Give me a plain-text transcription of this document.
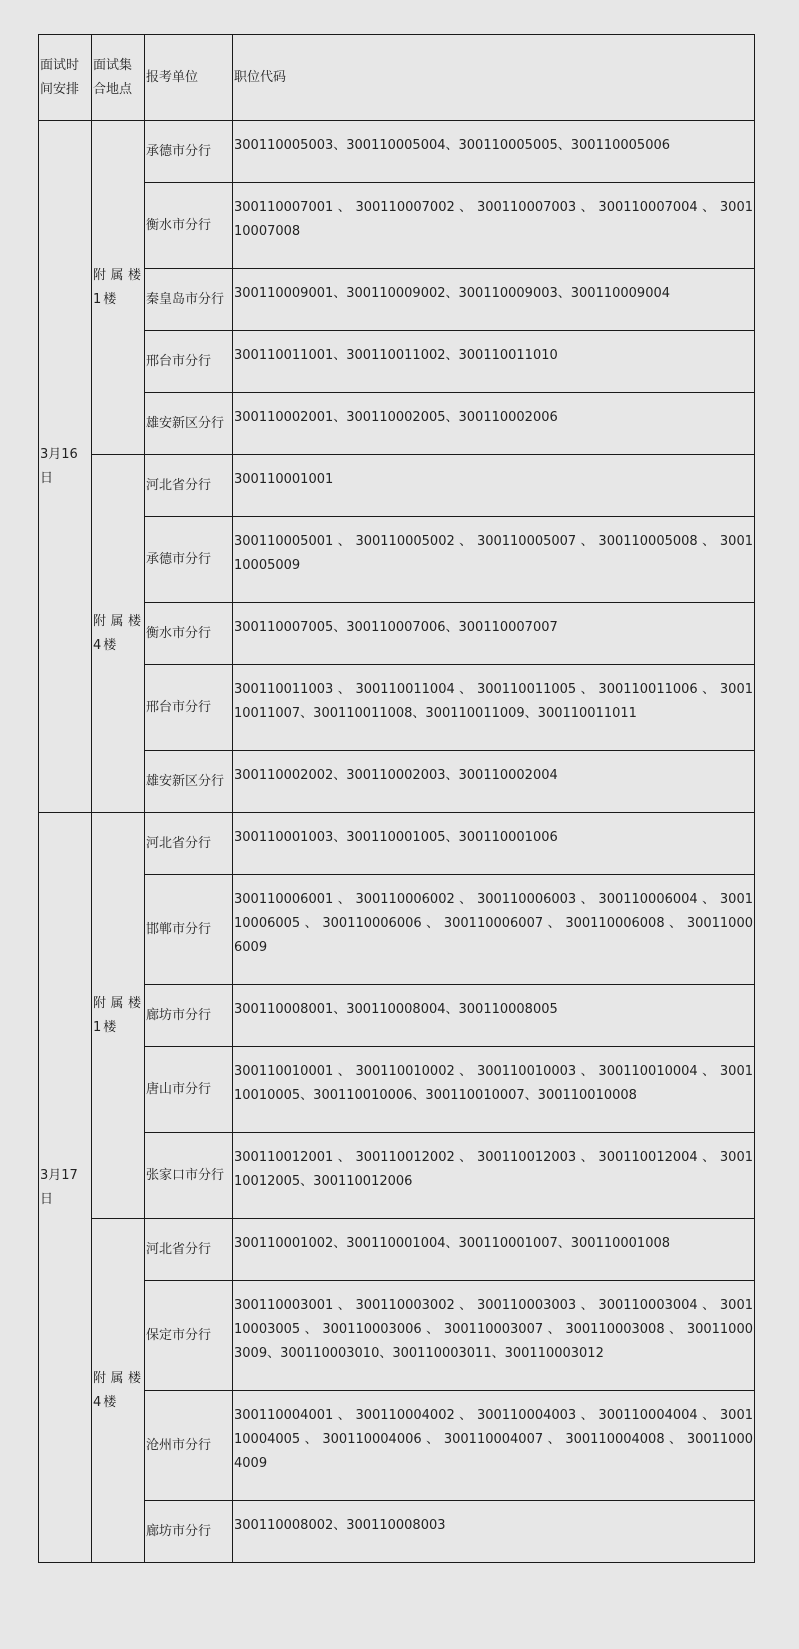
面试时间安排	面试集合地点	报考单位	职位代码
3月16日	附属楼1楼	承德市分行	300110005003、300110005004、300110005005、300110005006
		衡水市分行	300110007001 、 300110007002 、 300110007003 、 300110007004 、 300110007008
		秦皇岛市分行	300110009001、300110009002、300110009003、300110009004
		邢台市分行	300110011001、300110011002、300110011010
		雄安新区分行	300110002001、300110002005、300110002006
	附属楼4楼	河北省分行	300110001001
		承德市分行	300110005001 、 300110005002 、 300110005007 、 300110005008 、 300110005009
		衡水市分行	300110007005、300110007006、300110007007
		邢台市分行	300110011003 、 300110011004 、 300110011005 、 300110011006 、 300110011007、300110011008、300110011009、300110011011
		雄安新区分行	300110002002、300110002003、300110002004
3月17日	附属楼1楼	河北省分行	300110001003、300110001005、300110001006
		邯郸市分行	300110006001 、 300110006002 、 300110006003 、 300110006004 、 300110006005 、 300110006006 、 300110006007 、 300110006008 、 300110006009
		廊坊市分行	300110008001、300110008004、300110008005
		唐山市分行	300110010001 、 300110010002 、 300110010003 、 300110010004 、 300110010005、300110010006、300110010007、300110010008
		张家口市分行	300110012001 、 300110012002 、 300110012003 、 300110012004 、 300110012005、300110012006
	附属楼4楼	河北省分行	300110001002、300110001004、300110001007、300110001008
		保定市分行	300110003001 、 300110003002 、 300110003003 、 300110003004 、 300110003005 、 300110003006 、 300110003007 、 300110003008 、 300110003009、300110003010、300110003011、300110003012
		沧州市分行	300110004001 、 300110004002 、 300110004003 、 300110004004 、 300110004005 、 300110004006 、 300110004007 、 300110004008 、 300110004009
		廊坊市分行	300110008002、300110008003
